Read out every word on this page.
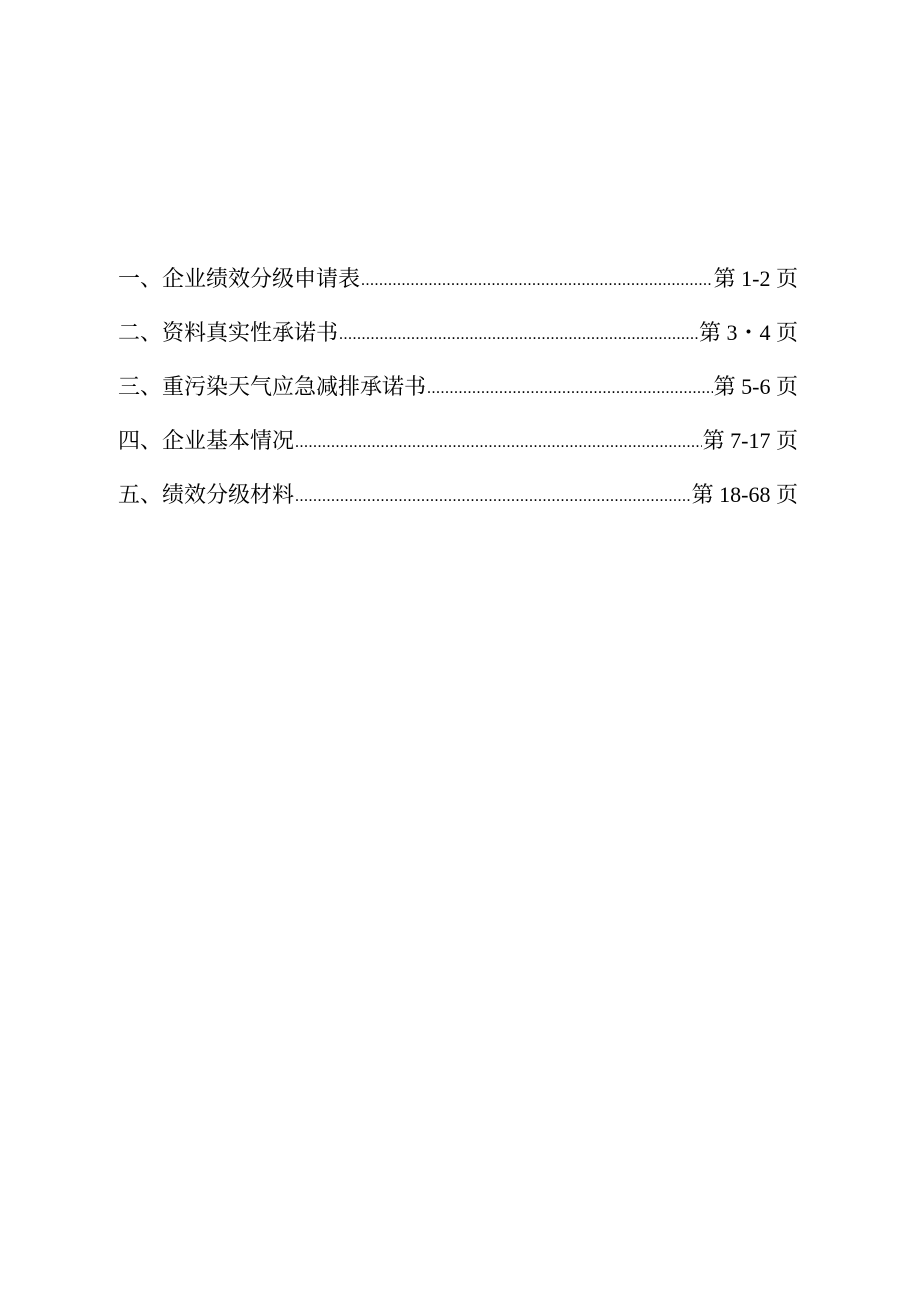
一、企业绩效分级申请表 .....	第 1-2 页
二、资料真实性承诺书 .....	第 3・4 页
三、重污染天气应急减排承诺书 .....	第 5-6 页
四、企业基本情况 .....	第 7-17 页
五、绩效分级材料 .....	第 18-68 页
